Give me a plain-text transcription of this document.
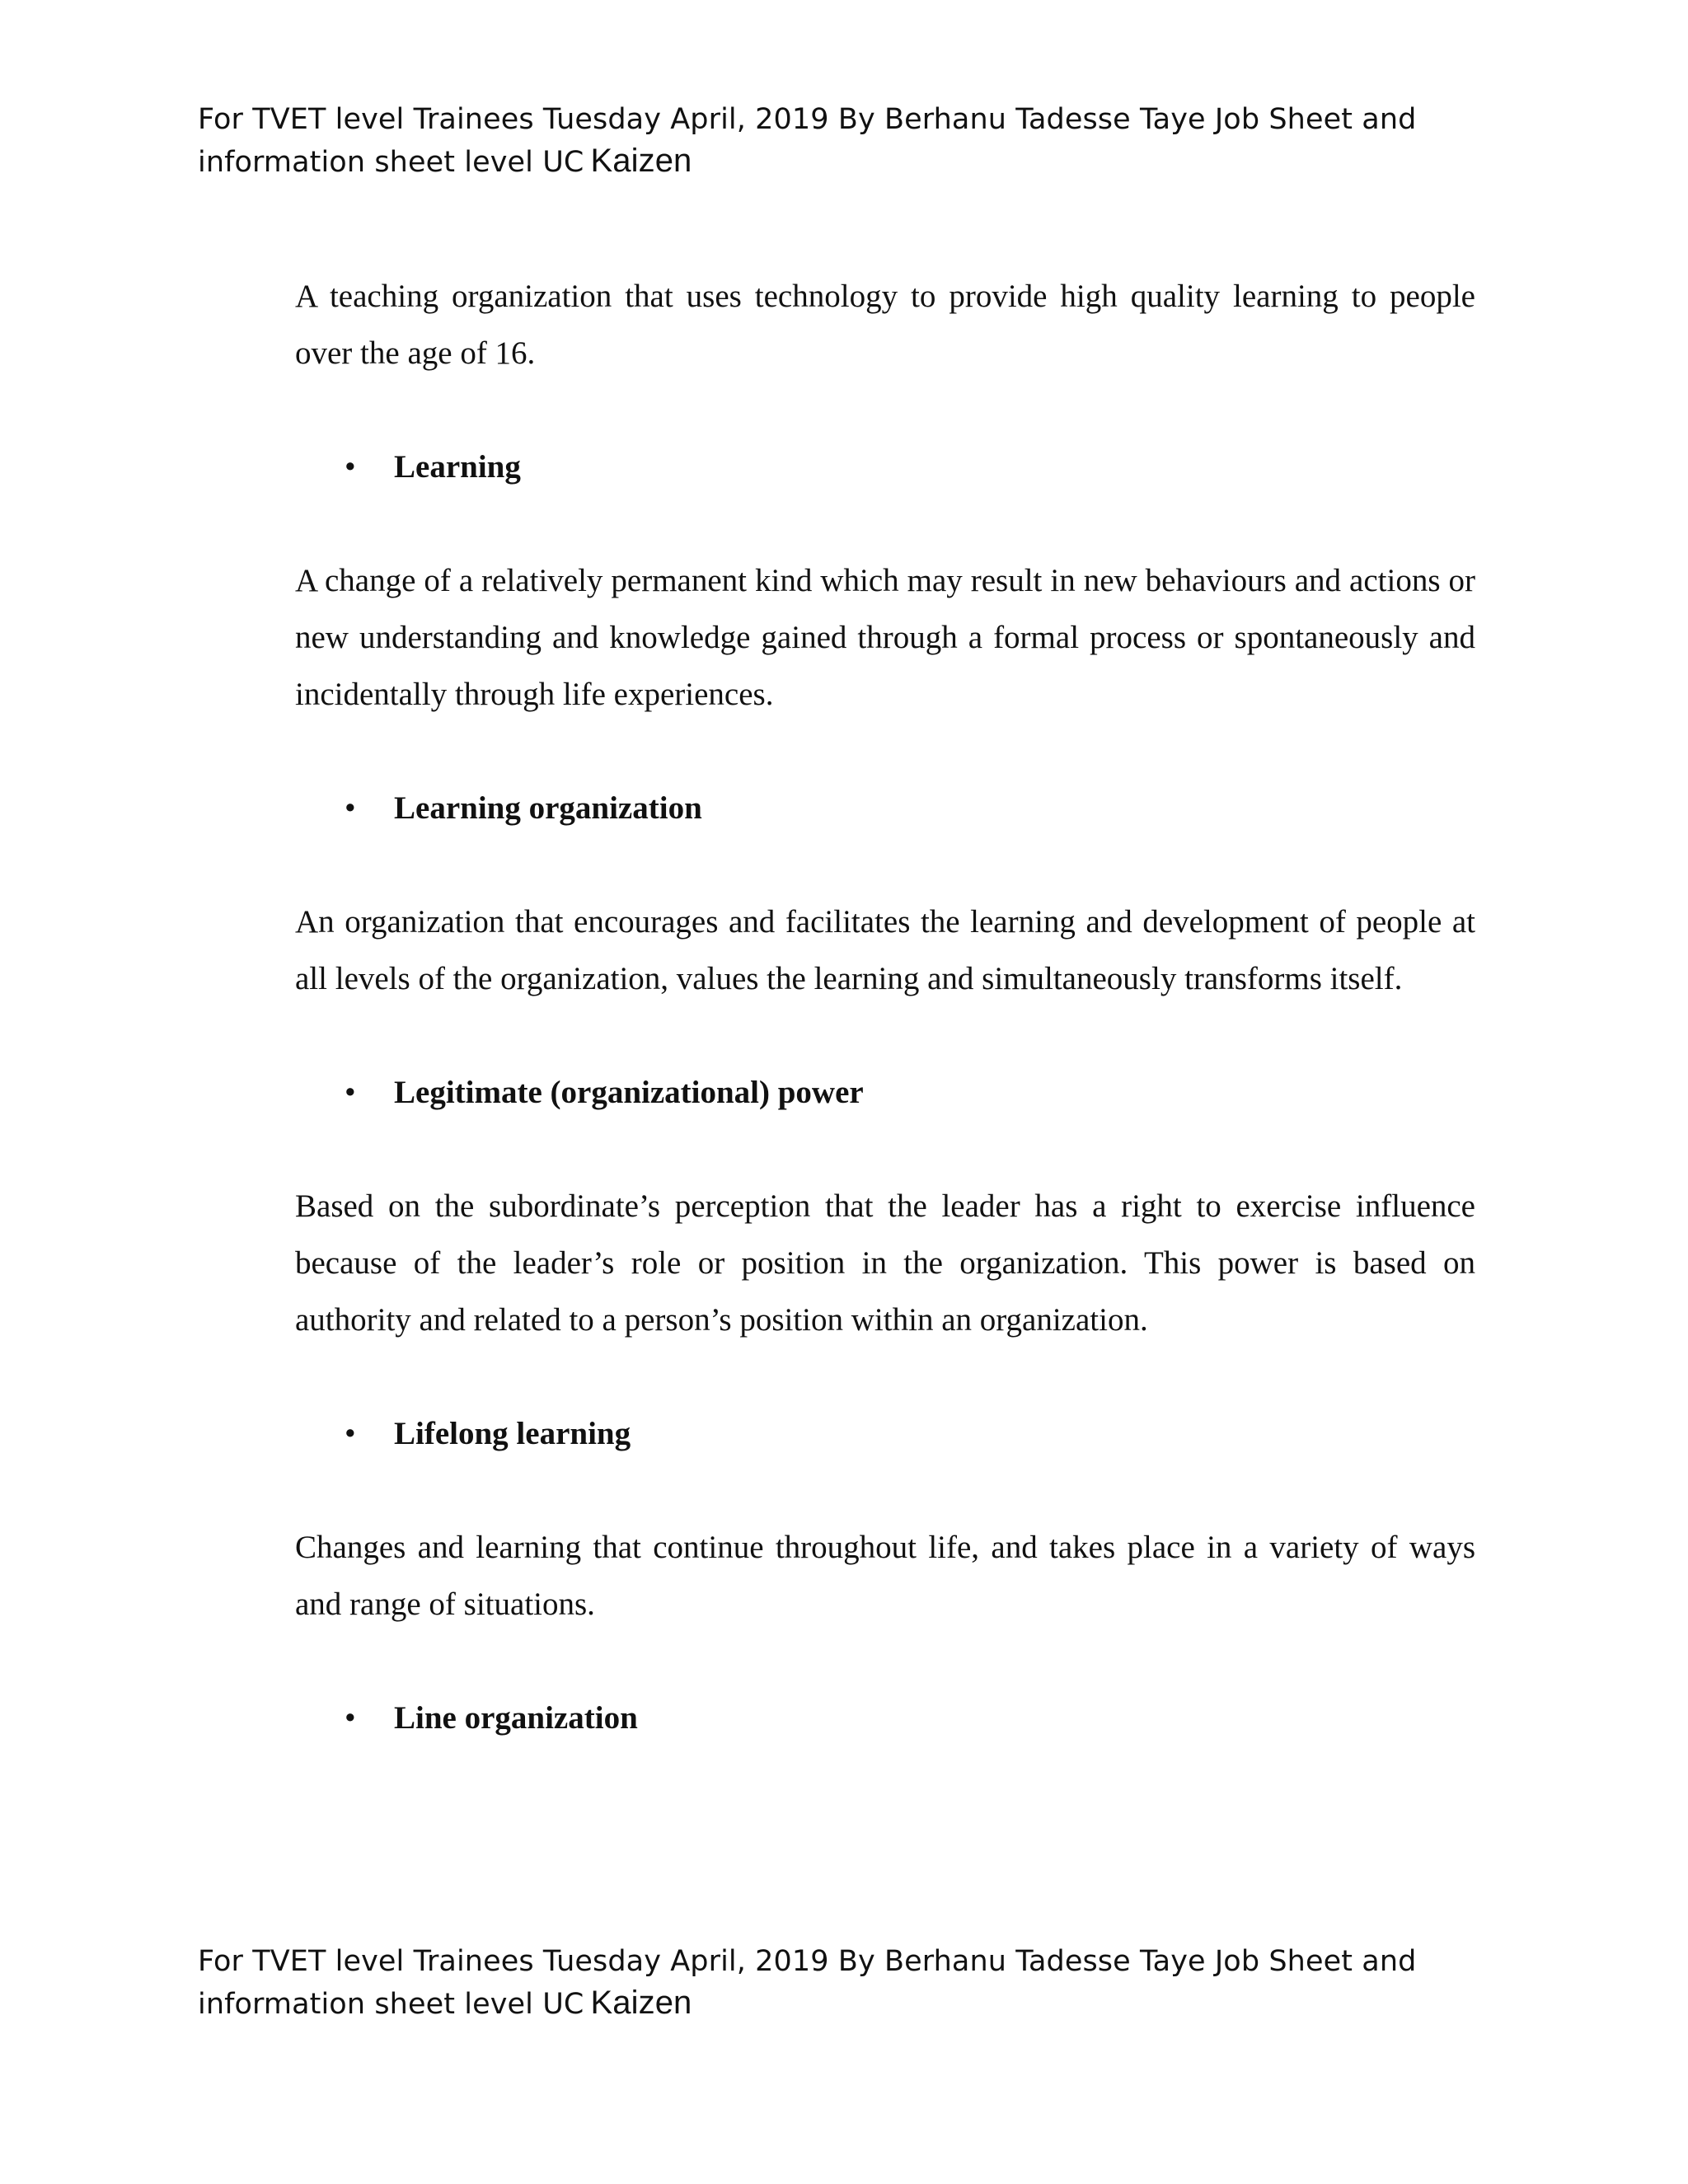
For TVET level Trainees Tuesday April, 2019 By Berhanu Tadesse Taye Job Sheet and
information sheet level UC Kaizen

A teaching organization that uses technology to provide high quality learning to people over the age of 16.

• Learning

A change of a relatively permanent kind which may result in new behaviours and actions or new understanding and knowledge gained through a formal process or spontaneously and incidentally through life experiences.

• Learning organization

An organization that encourages and facilitates the learning and development of people at all levels of the organization, values the learning and simultaneously transforms itself.

• Legitimate (organizational) power

Based on the subordinate’s perception that the leader has a right to exercise influence because of the leader’s role or position in the organization. This power is based on authority and related to a person’s position within an organization.

• Lifelong learning

Changes and learning that continue throughout life, and takes place in a variety of ways and range of situations.

• Line organization

For TVET level Trainees Tuesday April, 2019 By Berhanu Tadesse Taye Job Sheet and
information sheet level UC Kaizen
